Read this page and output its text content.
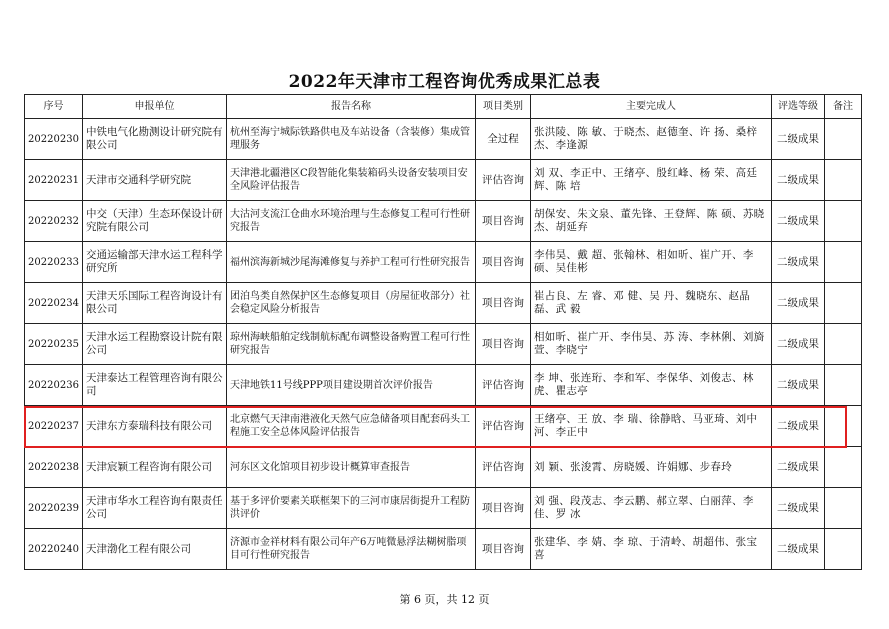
2022年天津市工程咨询优秀成果汇总表
序号	申报单位	报告名称	项目类别	主要完成人	评选等级	备注
20220230	中铁电气化勘测设计研究院有限公司	杭州至海宁城际铁路供电及车站设备（含装修）集成管理服务	全过程	张洪陵、陈 敏、于晓杰、赵德奎、许 扬、桑梓杰、李逢源	二级成果	
20220231	天津市交通科学研究院	天津港北疆港区C段智能化集装箱码头设备安装项目安全风险评估报告	评估咨询	刘 双、李正中、王绪亭、殷红峰、杨 荣、高廷辉、陈 培	二级成果	
20220232	中交（天津）生态环保设计研究院有限公司	大沽河支流江仓曲水环境治理与生态修复工程可行性研究报告	项目咨询	胡保安、朱文泉、董先锋、王登辉、陈 硕、苏晓杰、胡延弃	二级成果	
20220233	交通运输部天津水运工程科学研究所	福州滨海新城沙尾海滩修复与养护工程可行性研究报告	项目咨询	李伟昊、戴 超、张翰林、相如昕、崔广开、李 硕、吴佳彬	二级成果	
20220234	天津天乐国际工程咨询设计有限公司	团泊鸟类自然保护区生态修复项目（房屋征收部分）社会稳定风险分析报告	项目咨询	崔占良、左 睿、邓 健、吴 丹、魏晓东、赵晶磊、武 毅	二级成果	
20220235	天津水运工程勘察设计院有限公司	琼州海峡船舶定线制航标配布调整设备购置工程可行性研究报告	项目咨询	相如昕、崔广开、李伟昊、苏 涛、李林俐、刘旖萱、李晓宁	二级成果	
20220236	天津泰达工程管理咨询有限公司	天津地铁11号线PPP项目建设期首次评价报告	评估咨询	李 坤、张连珩、李和军、李保华、刘俊志、林 虎、瞿志亭	二级成果	
20220237	天津东方泰瑞科技有限公司	北京燃气天津南港液化天然气应急储备项目配套码头工程施工安全总体风险评估报告	评估咨询	王绪亭、王 放、李 瑞、徐静晗、马亚琦、刘中河、李正中	二级成果	
20220238	天津宸颖工程咨询有限公司	河东区文化馆项目初步设计概算审查报告	评估咨询	刘 颖、张浚霄、房晓媛、许娟娜、步春玲	二级成果	
20220239	天津市华水工程咨询有限责任公司	基于多评价要素关联框架下的三河市康居街提升工程防洪评价	项目咨询	刘 强、段茂志、李云鹏、郝立翠、白丽萍、李 佳、罗 冰	二级成果	
20220240	天津渤化工程有限公司	济源市金祥材料有限公司年产6万吨微悬浮法糊树脂项目可行性研究报告	项目咨询	张建华、李 婧、李 琼、于清岭、胡超伟、张宝喜	二级成果	
第 6 页，共 12 页
